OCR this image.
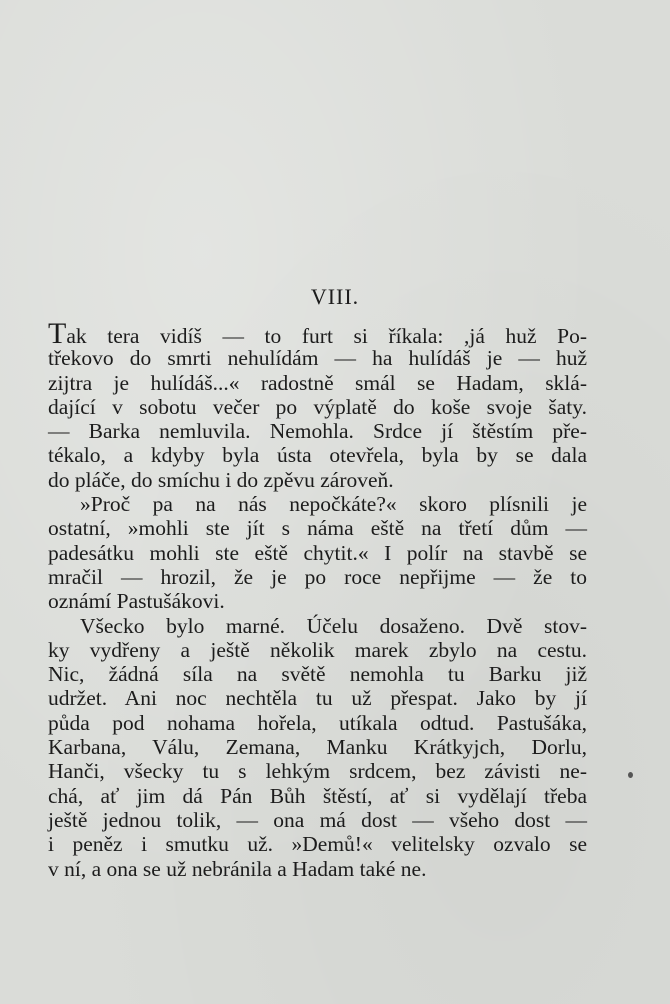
VIII.
Tak tera vidíš — to furt si říkala: ,já huž Po-
třekovo do smrti nehulídám — ha hulídáš je — huž
zijtra je hulídáš...« radostně smál se Hadam, sklá-
dající v sobotu večer po výplatě do koše svoje šaty.
— Barka nemluvila. Nemohla. Srdce jí štěstím pře-
tékalo, a kdyby byla ústa otevřela, byla by se dala
do pláče, do smíchu i do zpěvu zároveň.
»Proč pa na nás nepočkáte?« skoro plísnili je
ostatní, »mohli ste jít s náma eště na třetí dům —
padesátku mohli ste eště chytit.« I polír na stavbě se
mračil — hrozil, že je po roce nepřijme — že to
oznámí Pastušákovi.
Všecko bylo marné. Účelu dosaženo. Dvě stov-
ky vydřeny a ještě několik marek zbylo na cestu.
Nic, žádná síla na světě nemohla tu Barku již
udržet. Ani noc nechtěla tu už přespat. Jako by jí
půda pod nohama hořela, utíkala odtud. Pastušáka,
Karbana, Válu, Zemana, Manku Krátkyjch, Dorlu,
Hanči, všecky tu s lehkým srdcem, bez závisti ne-
chá, ať jim dá Pán Bůh štěstí, ať si vydělají třeba
ještě jednou tolik, — ona má dost — všeho dost —
i peněz i smutku už. »Demů!« velitelsky ozvalo se
v ní, a ona se už nebránila a Hadam také ne.
